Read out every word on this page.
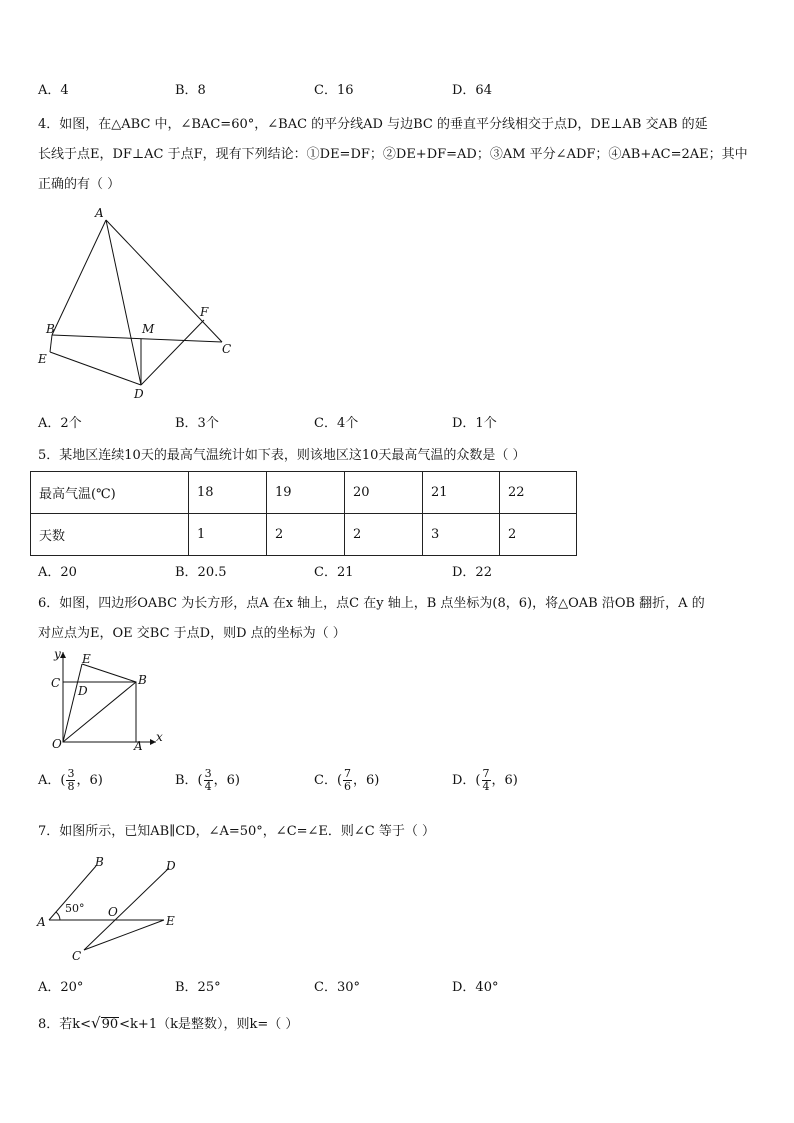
A．4	B．8	C．16	D．64
4．如图，在△ABC 中，∠BAC=60°，∠BAC 的平分线AD 与边BC 的垂直平分线相交于点D，DE⊥AB 交AB 的延
长线于点E，DF⊥AC 于点F，现有下列结论：①DE=DF；②DE+DF=AD；③AM 平分∠ADF；④AB+AC=2AE；其中
正确的有（ ）
A
B
C
D
E
F
M
A．2个	B．3个	C．4个	D．1个
5．某地区连续10天的最高气温统计如下表，则该地区这10天最高气温的众数是（ ）
最高气温(℃)	18	19	20	21	22
天数	1	2	2	3	2
A．20	B．20.5	C．21	D．22
6．如图，四边形OABC 为长方形，点A 在x 轴上，点C 在y 轴上，B 点坐标为(8，6)，将△OAB 沿OB 翻折，A 的
对应点为E，OE 交BC 于点D，则D 点的坐标为（ ）
y
x
O	A
B
C
D
E
A．( $\frac{3}{8}$ ，6)	B．( $\frac{3}{4}$ ，6)	C．( $\frac{7}{6}$ ，6)	D．( $\frac{7}{4}$ ，6)
7．如图所示，已知AB∥CD，∠A=50°，∠C=∠E．则∠C 等于（ ）
B	D
A	E
O
C
50°
A．20°	B．25°	C．30°	D．40°
8．若k<√90<k+1（k是整数），则k=（ ）
